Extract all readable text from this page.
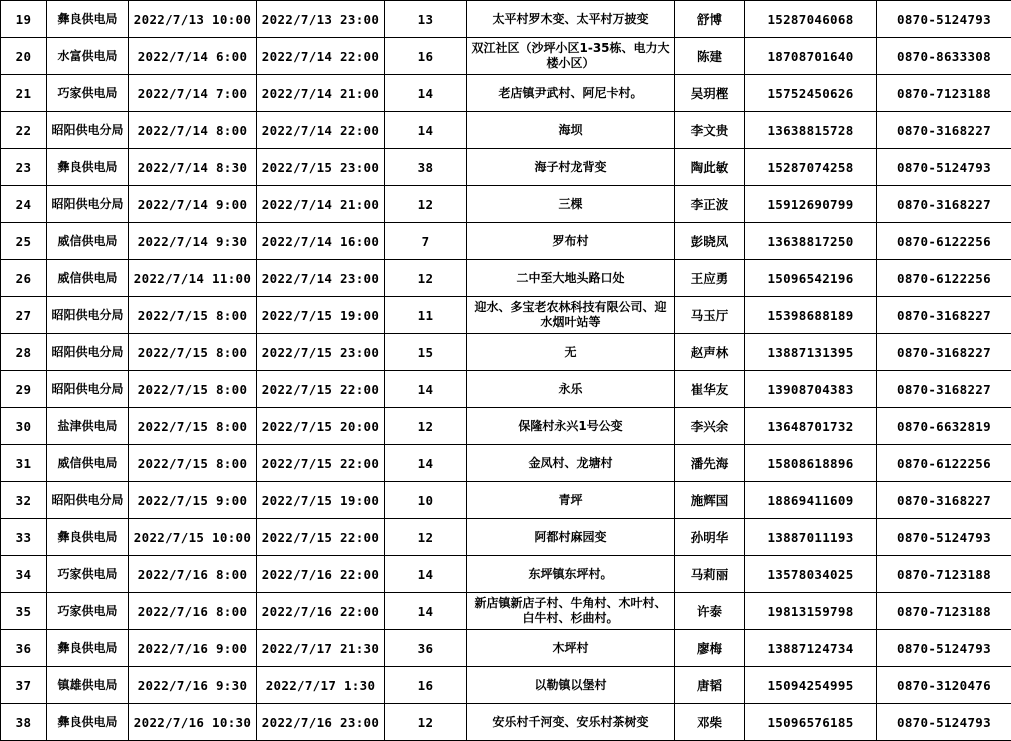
19	彝良供电局	2022/7/13 10:00	2022/7/13 23:00	13	太平村罗木变、太平村万披变	舒博	15287046068	0870-5124793
20	水富供电局	2022/7/14 6:00	2022/7/14 22:00	16	双江社区（沙坪小区1-35栋、电力大楼小区）	陈建	18708701640	0870-8633308
21	巧家供电局	2022/7/14 7:00	2022/7/14 21:00	14	老店镇尹武村、阿尼卡村。	吴玥樫	15752450626	0870-7123188
22	昭阳供电分局	2022/7/14 8:00	2022/7/14 22:00	14	海坝	李文贵	13638815728	0870-3168227
23	彝良供电局	2022/7/14 8:30	2022/7/15 23:00	38	海子村龙背变	陶此敏	15287074258	0870-5124793
24	昭阳供电分局	2022/7/14 9:00	2022/7/14 21:00	12	三棵	李正波	15912690799	0870-3168227
25	威信供电局	2022/7/14 9:30	2022/7/14 16:00	7	罗布村	彭晓凤	13638817250	0870-6122256
26	威信供电局	2022/7/14 11:00	2022/7/14 23:00	12	二中至大地头路口处	王应勇	15096542196	0870-6122256
27	昭阳供电分局	2022/7/15 8:00	2022/7/15 19:00	11	迎水、多宝老农林科技有限公司、迎水烟叶站等	马玉厅	15398688189	0870-3168227
28	昭阳供电分局	2022/7/15 8:00	2022/7/15 23:00	15	无	赵声林	13887131395	0870-3168227
29	昭阳供电分局	2022/7/15 8:00	2022/7/15 22:00	14	永乐	崔华友	13908704383	0870-3168227
30	盐津供电局	2022/7/15 8:00	2022/7/15 20:00	12	保隆村永兴1号公变	李兴余	13648701732	0870-6632819
31	威信供电局	2022/7/15 8:00	2022/7/15 22:00	14	金凤村、龙塘村	潘先海	15808618896	0870-6122256
32	昭阳供电分局	2022/7/15 9:00	2022/7/15 19:00	10	青坪	施辉国	18869411609	0870-3168227
33	彝良供电局	2022/7/15 10:00	2022/7/15 22:00	12	阿都村麻园变	孙明华	13887011193	0870-5124793
34	巧家供电局	2022/7/16 8:00	2022/7/16 22:00	14	东坪镇东坪村。	马莉丽	13578034025	0870-7123188
35	巧家供电局	2022/7/16 8:00	2022/7/16 22:00	14	新店镇新店子村、牛角村、木叶村、白牛村、杉曲村。	许泰	19813159798	0870-7123188
36	彝良供电局	2022/7/16 9:00	2022/7/17 21:30	36	木坪村	廖梅	13887124734	0870-5124793
37	镇雄供电局	2022/7/16 9:30	2022/7/17 1:30	16	以勒镇以堡村	唐韬	15094254995	0870-3120476
38	彝良供电局	2022/7/16 10:30	2022/7/16 23:00	12	安乐村千河变、安乐村茶树变	邓柴	15096576185	0870-5124793
